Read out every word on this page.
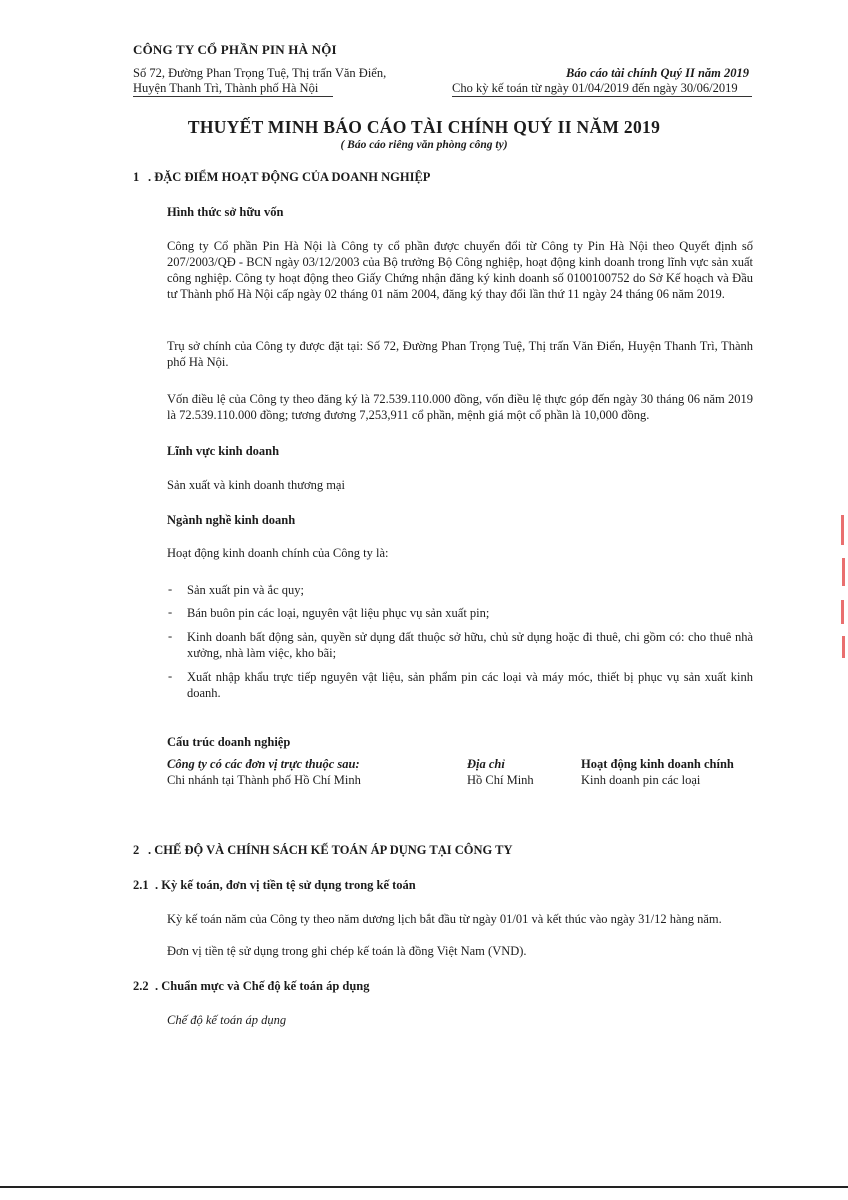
CÔNG TY CỔ PHẦN PIN HÀ NỘI
Số 72, Đường Phan Trọng Tuệ, Thị trấn Văn Điển,
Huyện Thanh Trì, Thành phố Hà Nội
Báo cáo tài chính Quý II năm 2019
Cho kỳ kế toán từ ngày 01/04/2019 đến ngày 30/06/2019
THUYẾT MINH BÁO CÁO TÀI CHÍNH QUÝ II NĂM 2019
( Báo cáo riêng văn phòng công ty)
1 . ĐẶC ĐIỂM HOẠT ĐỘNG CỦA DOANH NGHIỆP
Hình thức sở hữu vốn
Công ty Cổ phần Pin Hà Nội là Công ty cổ phần được chuyển đổi từ Công ty Pin Hà Nội theo Quyết định số 207/2003/QĐ - BCN ngày 03/12/2003 của Bộ trưởng Bộ Công nghiệp, hoạt động kinh doanh trong lĩnh vực sản xuất công nghiệp. Công ty hoạt động theo Giấy Chứng nhận đăng ký kinh doanh số 0100100752 do Sở Kế hoạch và Đầu tư Thành phố Hà Nội cấp ngày 02 tháng 01 năm 2004, đăng ký thay đổi lần thứ 11 ngày 24 tháng 06 năm 2019.
Trụ sở chính của Công ty được đặt tại: Số 72, Đường Phan Trọng Tuệ, Thị trấn Văn Điển, Huyện Thanh Trì, Thành phố Hà Nội.
Vốn điều lệ của Công ty theo đăng ký là 72.539.110.000 đồng, vốn điều lệ thực góp đến ngày 30 tháng 06 năm 2019 là 72.539.110.000 đồng; tương đương 7,253,911 cổ phần, mệnh giá một cổ phần là 10,000 đồng.
Lĩnh vực kinh doanh
Sản xuất và kinh doanh thương mại
Ngành nghề kinh doanh
Hoạt động kinh doanh chính của Công ty là:
- Sản xuất pin và ắc quy;
- Bán buôn pin các loại, nguyên vật liệu phục vụ sản xuất pin;
- Kinh doanh bất động sản, quyền sử dụng đất thuộc sở hữu, chủ sử dụng hoặc đi thuê, chi gồm có: cho thuê nhà xưởng, nhà làm việc, kho bãi;
- Xuất nhập khẩu trực tiếp nguyên vật liệu, sản phẩm pin các loại và máy móc, thiết bị phục vụ sản xuất kinh doanh.
Cấu trúc doanh nghiệp
Công ty có các đơn vị trực thuộc sau:	Địa chỉ	Hoạt động kinh doanh chính
Chi nhánh tại Thành phố Hồ Chí Minh	Hồ Chí Minh	Kinh doanh pin các loại
2 . CHẾ ĐỘ VÀ CHÍNH SÁCH KẾ TOÁN ÁP DỤNG TẠI CÔNG TY
2.1 . Kỳ kế toán, đơn vị tiền tệ sử dụng trong kế toán
Kỳ kế toán năm của Công ty theo năm dương lịch bắt đầu từ ngày 01/01 và kết thúc vào ngày 31/12 hàng năm.
Đơn vị tiền tệ sử dụng trong ghi chép kế toán là đồng Việt Nam (VND).
2.2 . Chuẩn mực và Chế độ kế toán áp dụng
Chế độ kế toán áp dụng
